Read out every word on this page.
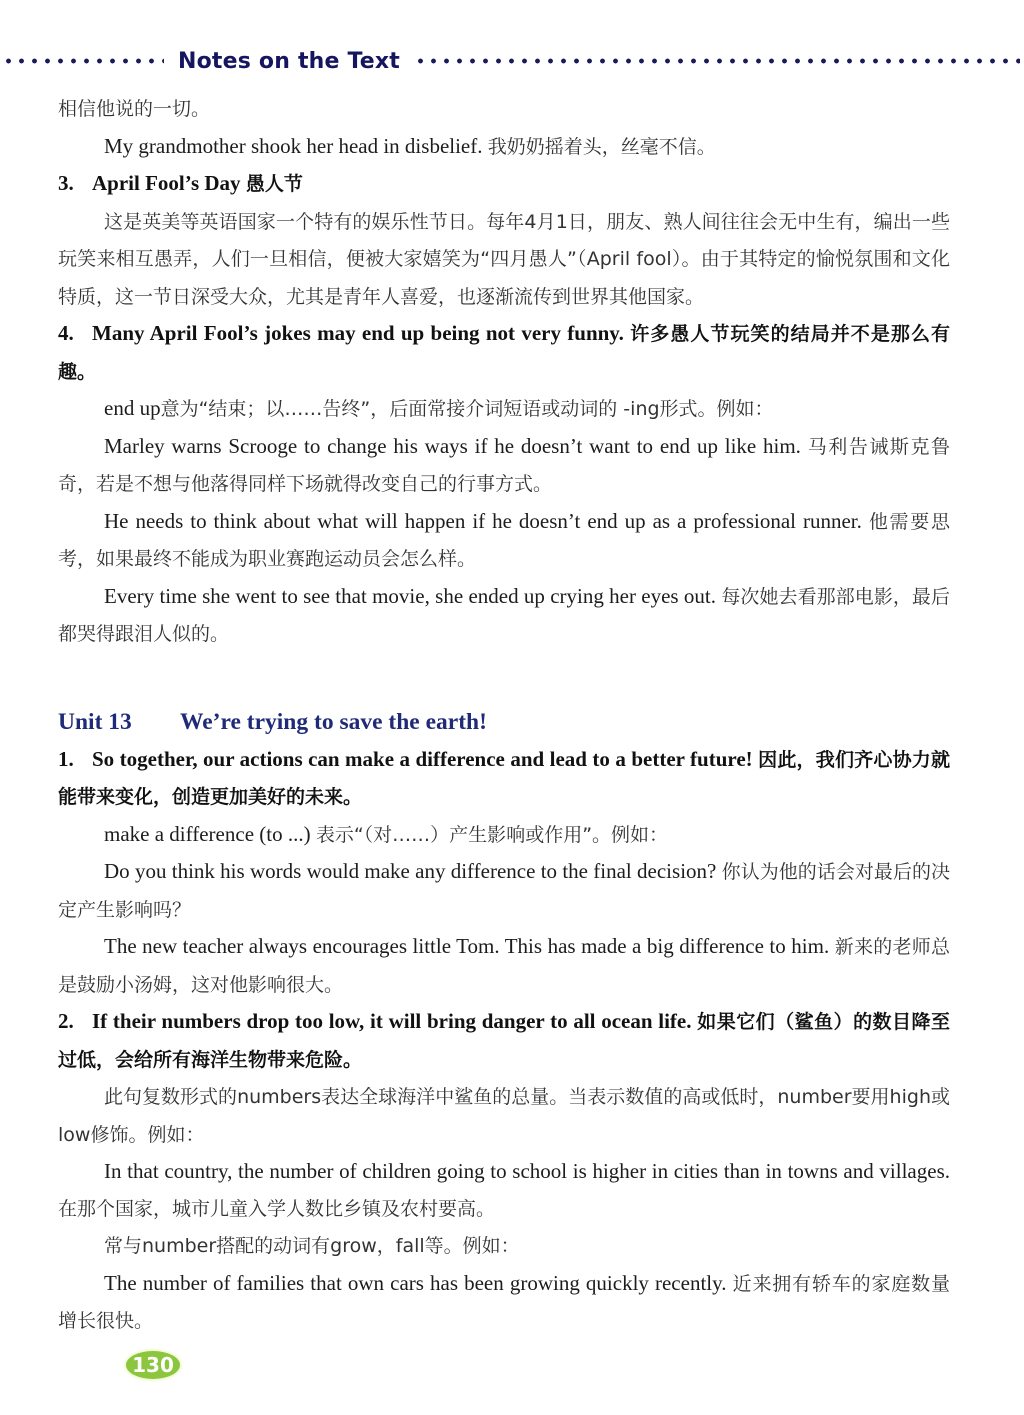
Notes on the Text

相信他说的一切。

My grandmother shook her head in disbelief. 我奶奶摇着头，丝毫不信。

3. April Fool’s Day 愚人节

这是英美等英语国家一个特有的娱乐性节日。每年4月1日，朋友、熟人间往往会无中生有，编出一些玩笑来相互愚弄，人们一旦相信，便被大家嬉笑为“四月愚人”（April fool）。由于其特定的愉悦氛围和文化特质，这一节日深受大众，尤其是青年人喜爱，也逐渐流传到世界其他国家。

4. Many April Fool’s jokes may end up being not very funny. 许多愚人节玩笑的结局并不是那么有趣。

end up意为“结束；以……告终”，后面常接介词短语或动词的 -ing形式。例如：

Marley warns Scrooge to change his ways if he doesn’t want to end up like him. 马利告诫斯克鲁奇，若是不想与他落得同样下场就得改变自己的行事方式。

He needs to think about what will happen if he doesn’t end up as a professional runner. 他需要思考，如果最终不能成为职业赛跑运动员会怎么样。

Every time she went to see that movie, she ended up crying her eyes out. 每次她去看那部电影，最后都哭得跟泪人似的。

Unit 13 We’re trying to save the earth!

1. So together, our actions can make a difference and lead to a better future! 因此，我们齐心协力就能带来变化，创造更加美好的未来。

make a difference (to ...) 表示“（对……）产生影响或作用”。例如：

Do you think his words would make any difference to the final decision? 你认为他的话会对最后的决定产生影响吗？

The new teacher always encourages little Tom. This has made a big difference to him. 新来的老师总是鼓励小汤姆，这对他影响很大。

2. If their numbers drop too low, it will bring danger to all ocean life. 如果它们（鲨鱼）的数目降至过低，会给所有海洋生物带来危险。

此句复数形式的numbers表达全球海洋中鲨鱼的总量。当表示数值的高或低时，number要用high或low修饰。例如：

In that country, the number of children going to school is higher in cities than in towns and villages. 在那个国家，城市儿童入学人数比乡镇及农村要高。

常与number搭配的动词有grow，fall等。例如：

The number of families that own cars has been growing quickly recently. 近来拥有轿车的家庭数量增长很快。

130
